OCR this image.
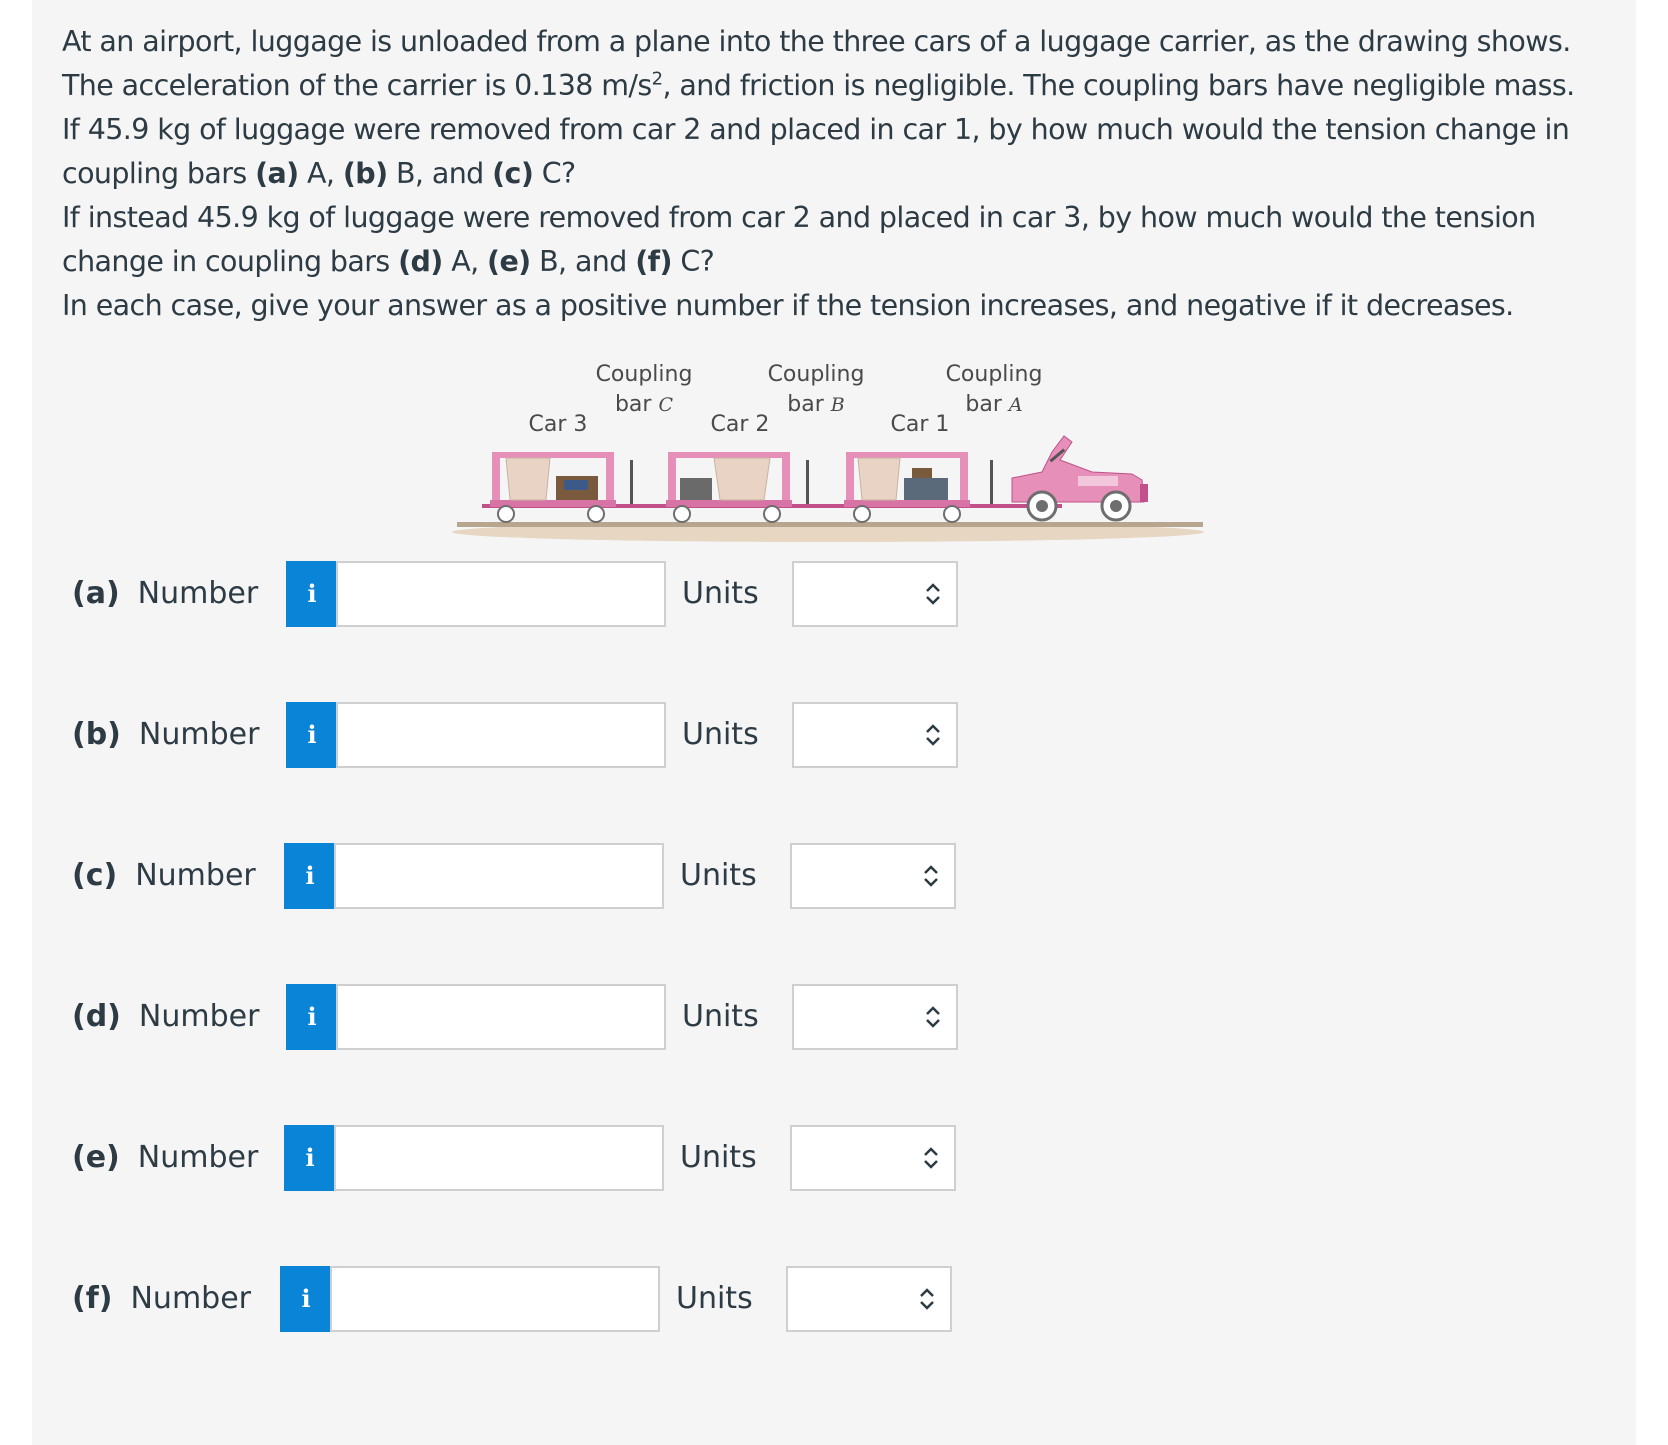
At an airport, luggage is unloaded from a plane into the three cars of a luggage carrier, as the drawing shows.

The acceleration of the carrier is 0.138 $m/s^2$, and friction is negligible. The coupling bars have negligible mass.

If 45.9 kg of luggage were removed from car 2 and placed in car 1, by how much would the tension change in

coupling bars (a) A, (b) B, and (c) C?

If instead 45.9 kg of luggage were removed from car 2 and placed in car 3, by how much would the tension

change in coupling bars (d) A, (e) B, and (f) C?

In each case, give your answer as a positive number if the tension increases, and negative if it decreases.

Coupling
bar C
Coupling
bar B
Coupling
bar A
Car 3	Car 2	Car 1
(a) Number	i	Units
(b) Number	i	Units
(c) Number	i	Units
(d) Number	i	Units
(e) Number	i	Units
(f) Number	i	Units
